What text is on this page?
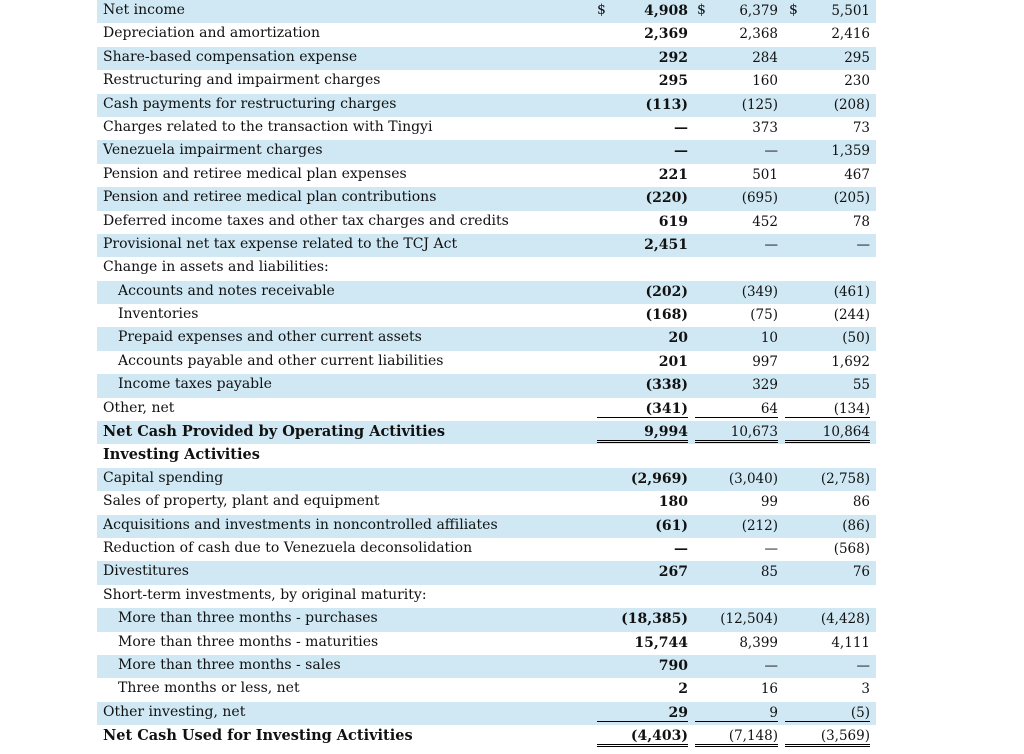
Net income	$	4,908 $	6,379 $	5,501
Depreciation and amortization	2,369	2,368	2,416
Share-based compensation expense	292	284	295
Restructuring and impairment charges	295	160	230
Cash payments for restructuring charges	(113)	(125)	(208)
Charges related to the transaction with Tingyi	—	373	73
Venezuela impairment charges	—	—	1,359
Pension and retiree medical plan expenses	221	501	467
Pension and retiree medical plan contributions	(220)	(695)	(205)
Deferred income taxes and other tax charges and credits	619	452	78
Provisional net tax expense related to the TCJ Act	2,451	—	—
Change in assets and liabilities:
Accounts and notes receivable	(202)	(349)	(461)
Inventories	(168)	(75)	(244)
Prepaid expenses and other current assets	20	10	(50)
Accounts payable and other current liabilities	201	997	1,692
Income taxes payable	(338)	329	55
Other, net	(341)	64	(134)
Net Cash Provided by Operating Activities	9,994	10,673	10,864
Investing Activities
Capital spending	(2,969)	(3,040)	(2,758)
Sales of property, plant and equipment	180	99	86
Acquisitions and investments in noncontrolled affiliates	(61)	(212)	(86)
Reduction of cash due to Venezuela deconsolidation	—	—	(568)
Divestitures	267	85	76
Short-term investments, by original maturity:
More than three months - purchases	(18,385)	(12,504)	(4,428)
More than three months - maturities	15,744	8,399	4,111
More than three months - sales	790	—	—
Three months or less, net	2	16	3
Other investing, net	29	9	(5)
Net Cash Used for Investing Activities	(4,403)	(7,148)	(3,569)
